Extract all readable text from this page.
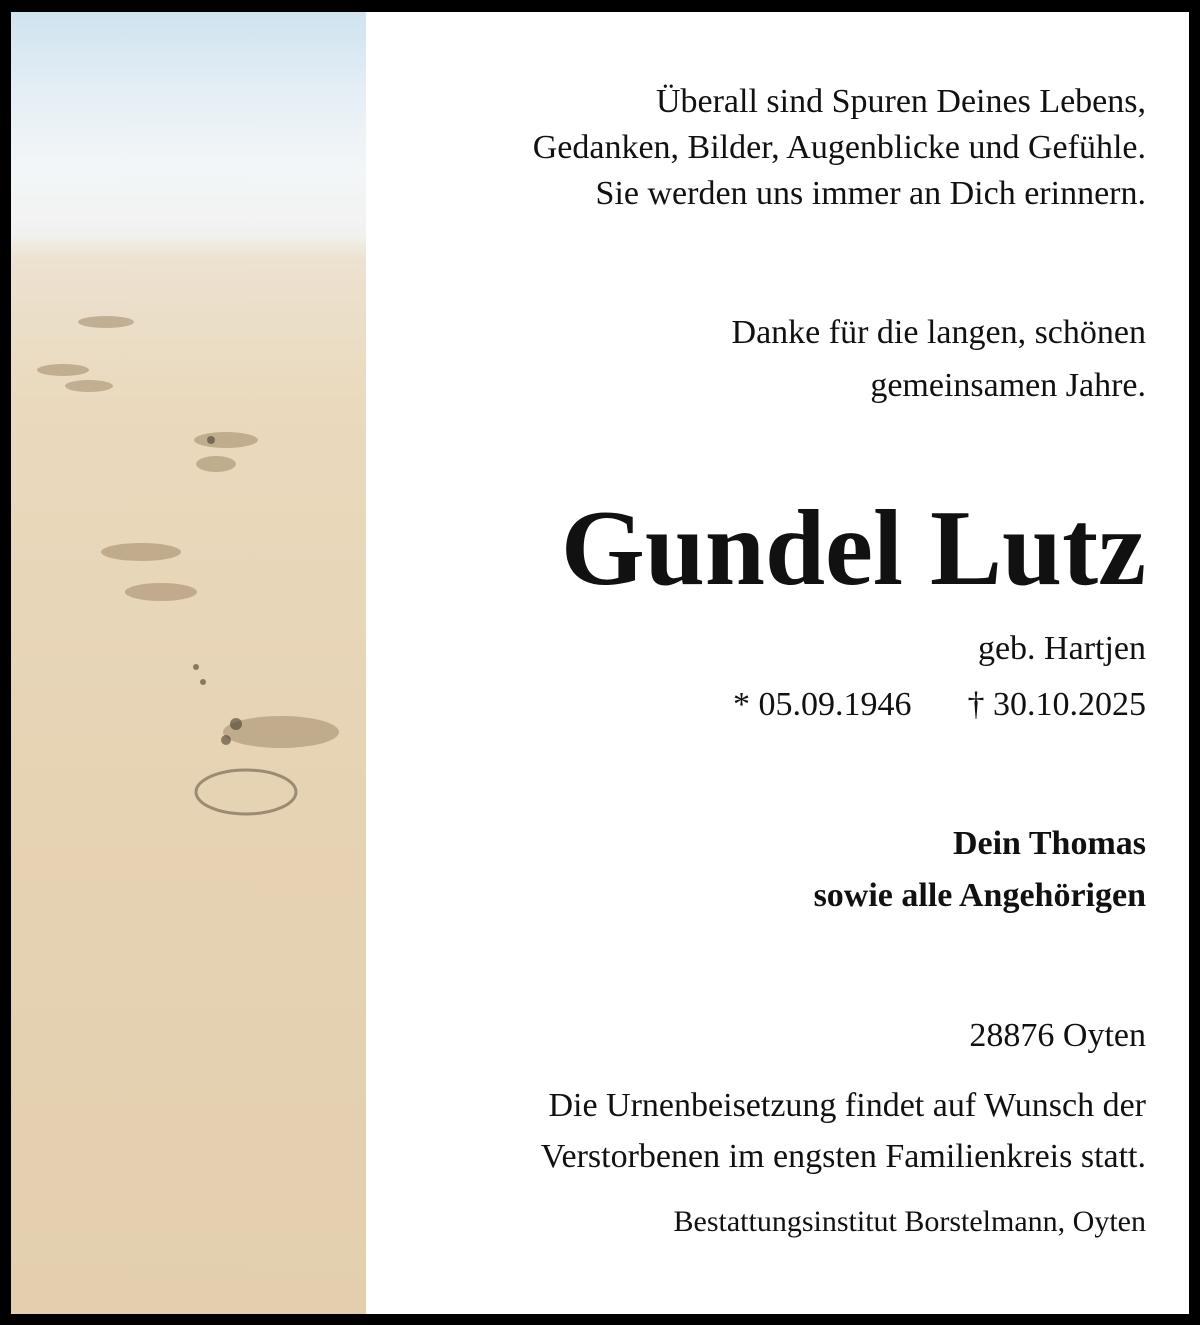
Überall sind Spuren Deines Lebens,
Gedanken, Bilder, Augenblicke und Gefühle.
Sie werden uns immer an Dich erinnern.
Danke für die langen, schönen
gemeinsamen Jahre.
Gundel Lutz
geb. Hartjen
* 05.09.1946 † 30.10.2025
Dein Thomas
sowie alle Angehörigen
28876 Oyten
Die Urnenbeisetzung findet auf Wunsch der
Verstorbenen im engsten Familienkreis statt.
Bestattungsinstitut Borstelmann, Oyten
